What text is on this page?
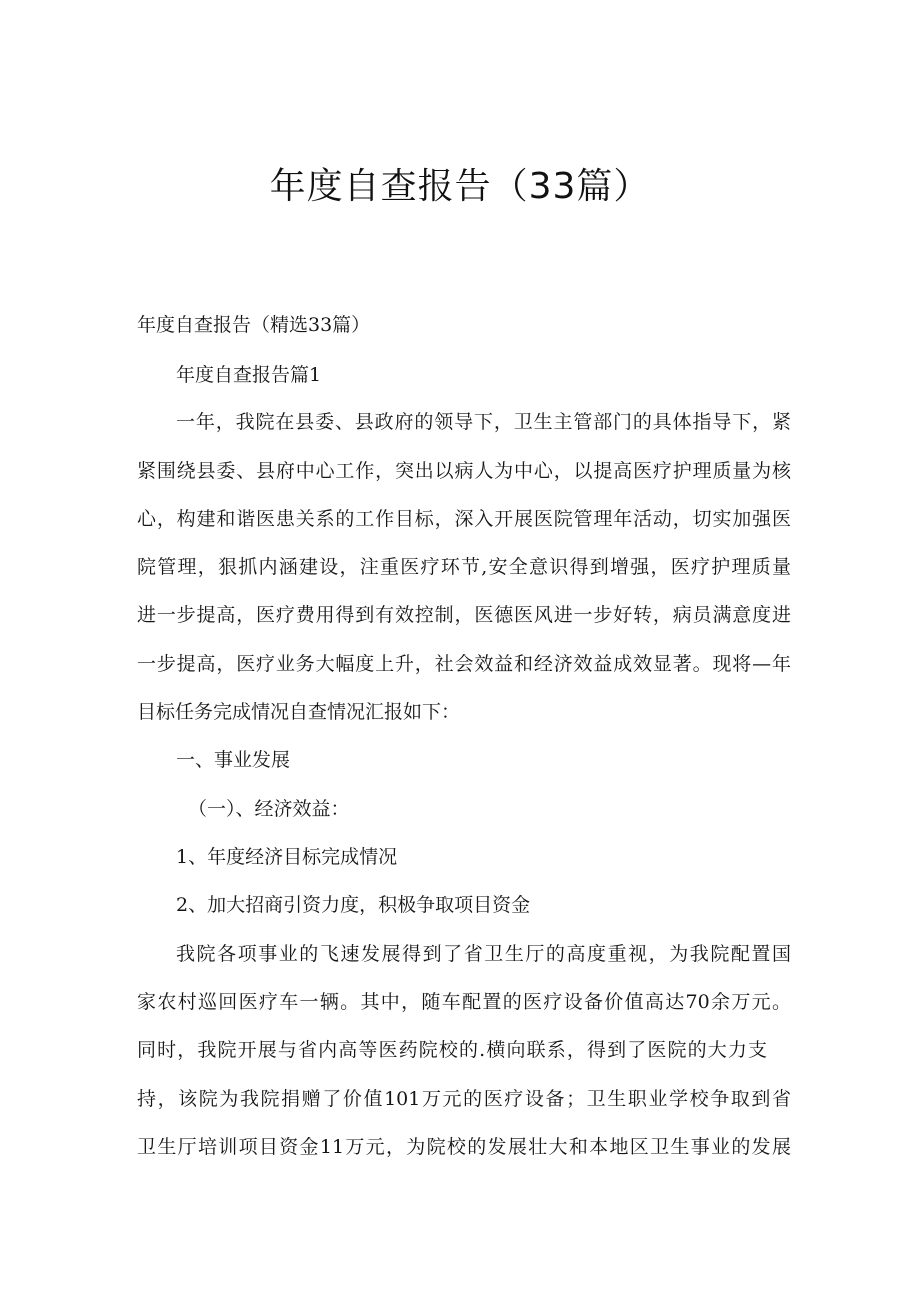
年度自查报告（33篇）
年度自查报告（精选33篇）
年度自查报告篇1
一年，我院在县委、县政府的领导下，卫生主管部门的具体指导下，紧
紧围绕县委、县府中心工作，突出以病人为中心，以提高医疗护理质量为核
心，构建和谐医患关系的工作目标，深入开展医院管理年活动，切实加强医
院管理，狠抓内涵建设，注重医疗环节,安全意识得到增强，医疗护理质量
进一步提高，医疗费用得到有效控制，医德医风进一步好转，病员满意度进
一步提高，医疗业务大幅度上升，社会效益和经济效益成效显著。现将—年
目标任务完成情况自查情况汇报如下：
一、事业发展
（一）、经济效益：
1、年度经济目标完成情况
2、加大招商引资力度，积极争取项目资金
我院各项事业的飞速发展得到了省卫生厅的高度重视，为我院配置国
家农村巡回医疗车一辆。其中，随车配置的医疗设备价值高达70余万元。
同时，我院开展与省内高等医药院校的.横向联系，得到了医院的大力支
持，该院为我院捐赠了价值101万元的医疗设备；卫生职业学校争取到省
卫生厅培训项目资金11万元，为院校的发展壮大和本地区卫生事业的发展
